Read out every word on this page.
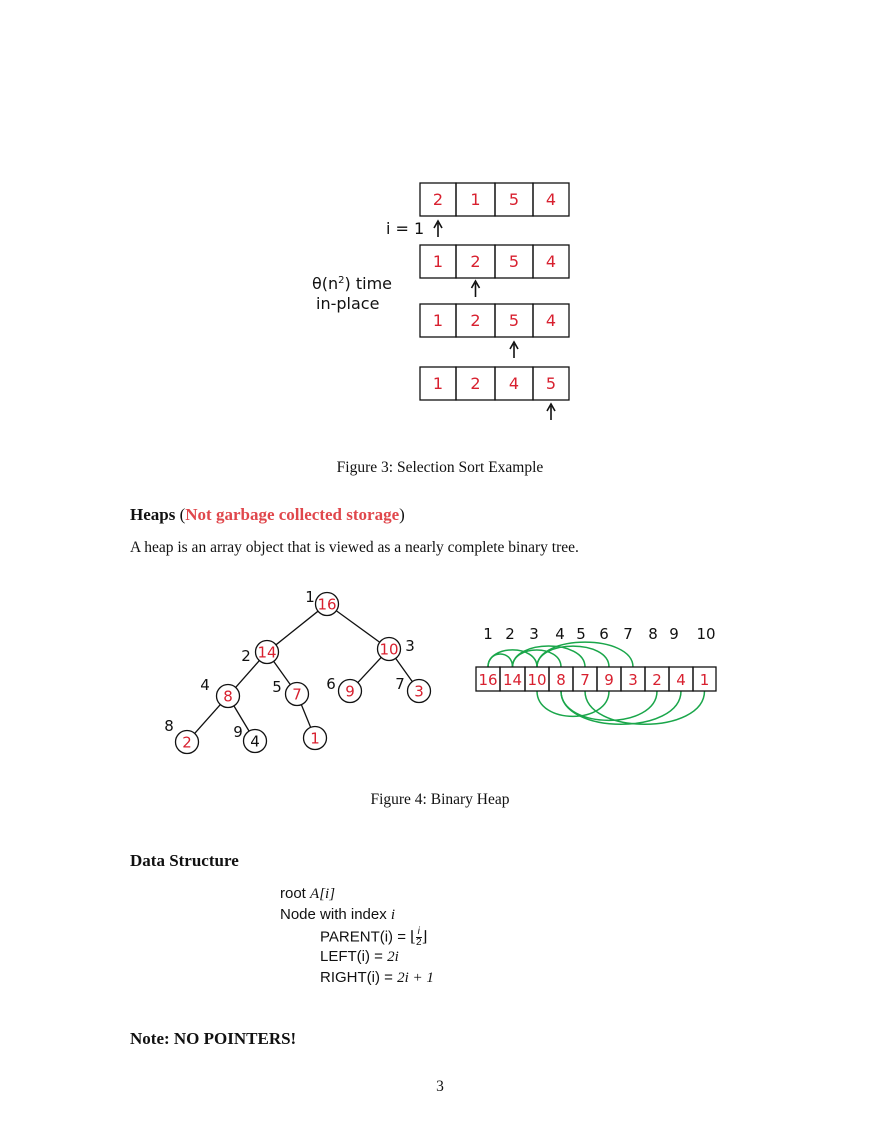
2 1 5 4
1 2 5 4
1 2 5 4
1 2 4 5
i = 1
$\theta(n^2)$ time
in-place
Figure 3: Selection Sort Example
Heaps (Not garbage collected storage)
A heap is an array object that is viewed as a nearly complete binary tree.
16
1
14
2	10 3
8
4
7
5	9
6	3
7
2
8
4
9	1
16 14 10 8 7 9 3 2 4 1
1 2 3 4 5 6 7 8 9 10
Figure 4: Binary Heap
Data Structure
root A[i]
Node with index i
PARENT(i) = ⌊ $\frac{i}{2}$ ⌋
LEFT(i) = 2i
RIGHT(i) = 2i + 1
Note: NO POINTERS!
3
